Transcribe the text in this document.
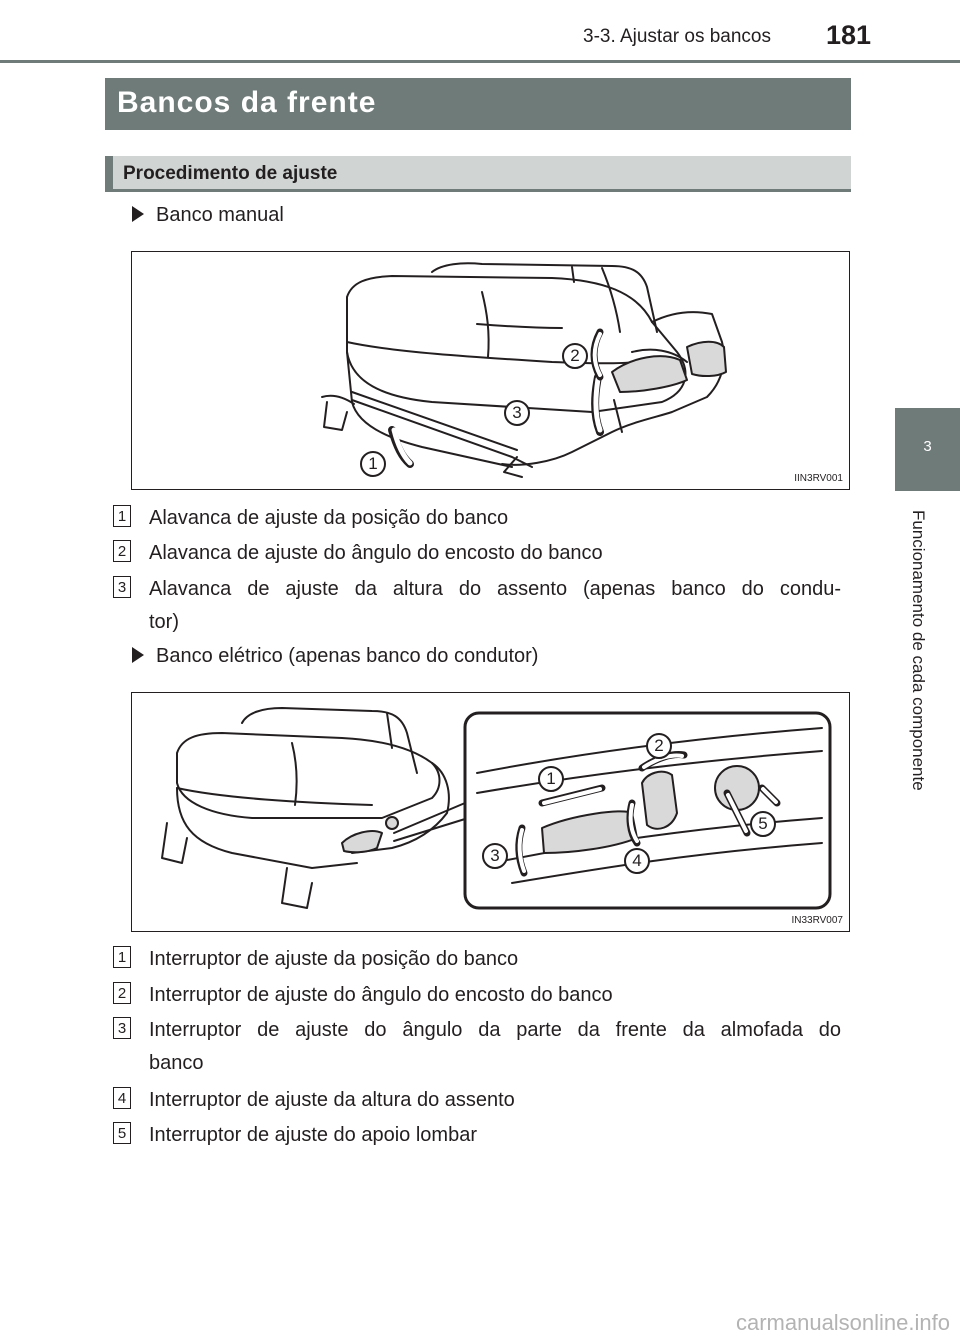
3-3. Ajustar os bancos 181
3
Funcionamento de cada componente
Bancos da frente
Procedimento de ajuste
Banco manual
1
2
3
IIN3RV001
1 Alavanca de ajuste da posição do banco
2 Alavanca de ajuste do ângulo do encosto do banco
3 Alavanca de ajuste da altura do assento (apenas banco do condu-
tor)
Banco elétrico (apenas banco do condutor)
1
2
3	4
5
IN33RV007
1 Interruptor de ajuste da posição do banco
2 Interruptor de ajuste do ângulo do encosto do banco
3 Interruptor de ajuste do ângulo da parte da frente da almofada do
banco
4 Interruptor de ajuste da altura do assento
5 Interruptor de ajuste do apoio lombar
carmanualsonline.info
